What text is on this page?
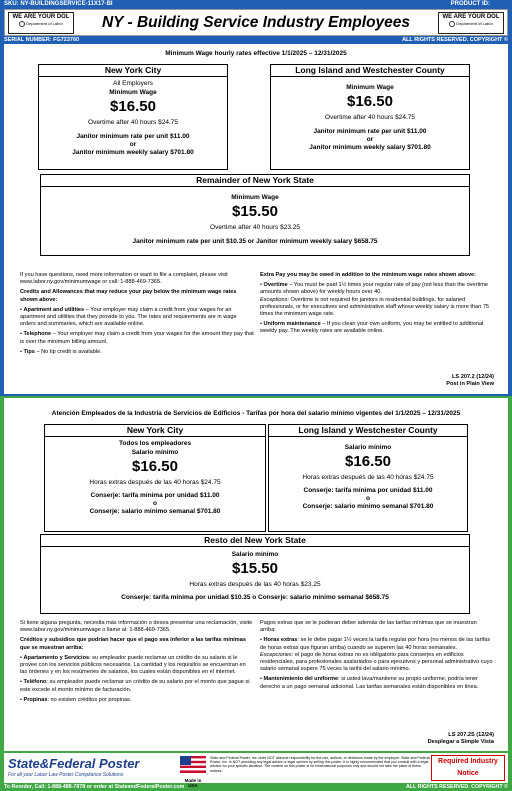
SKU: NY-BUILDINGSERVICE-11X17-BI	PRODUCT ID:
WE ARE YOUR DOL
Department of Labor	NY - Building Service Industry Employees	WE ARE YOUR DOL
Department of Labor
SERIAL NUMBER: FG723760	ALL RIGHTS RESERVED. COPYRIGHT ©
Minimum Wage hourly rates effective 1/1/2025 – 12/31/2025
New York City
All Employers
Minimum Wage
$16.50
Overtime after 40 hours $24.75
Janitor minimum rate per unit $11.00
or
Janitor minimum weekly salary $701.80
Long Island and Westchester County
Minimum Wage
$16.50
Overtime after 40 hours $24.75
Janitor minimum rate per unit $11.00
or
Janitor minimum weekly salary $701.80
Remainder of New York State
Minimum Wage
$15.50
Overtime after 40 hours $23.25
Janitor minimum rate per unit $10.35 or Janitor minimum weekly salary $658.75

If you have questions, need more information or want to file a complaint, please visit www.labor.ny.gov/minimumwage or call: 1-888-469-7365.

Credits and Allowances that may reduce your pay below the minimum wage rates shown above:

• Apartment and utilities – Your employer may claim a credit from your wages for an apartment and utilities that they provide to you. The rates and requirements are in wage orders and summaries, which are available online.

• Telephone – Your employer may claim a credit from your wages for the amount they pay that is over the minimum billing amount.

• Tips – No tip credit is available.

Extra Pay you may be owed in addition to the minimum wage rates shown above:

• Overtime – You must be paid 1½ times your regular rate of pay (not less than the overtime amounts shown above) for weekly hours over 40.
Exceptions: Overtime is not required for janitors in residential buildings, for salaried professionals, or for executives and administrative staff whose weekly salary is more than 75 times the minimum wage rate.

• Uniform maintenance – If you clean your own uniform, you may be entitled to additional weekly pay. The weekly rates are available online.

LS 207.2 (12/24)
Post in Plain View
Atención Empleados de la Industria de Servicios de Edificios - Tarifas por hora del salario mínimo vigentes del 1/1/2025 – 12/31/2025
New York City
Todos los empleadores
Salario mínimo
$16.50
Horas extras después de las 40 horas $24.75
Conserje: tarifa mínima por unidad $11.00
o
Conserje: salario mínimo semanal $701.80
Long Island y Westchester County
Salario mínimo
$16.50
Horas extras después de las 40 horas $24.75
Conserje: tarifa mínima por unidad $11.00
o
Conserje: salario mínimo semanal $701.80
Resto del New York State
Salario mínimo
$15.50
Horas extras después de las 40 horas $23.25
Conserje: tarifa mínima por unidad $10.35 o Conserje: salario mínimo semanal $658.75

Si tiene alguna pregunta, necesita más información o desea presentar una reclamación, visite www.labor.ny.gov/minimumwage o llame al: 1-888-469-7365.

Créditos y subsidios que podrían hacer que el pago sea inferior a las tarifas mínimas que se muestran arriba:

• Apartamento y Servicios: su empleador puede reclamar un crédito de su salario si le provee con los servicios públicos necesarios. La cantidad y los requisitos se encuentran en las órdenes y en los resúmenes de salarios, los cuales están disponibles en el internet.

• Teléfono: su empleador puede reclamar un crédito de su salario por el monto que pague si este excede el monto mínimo de facturación.

• Propinas: no existen créditos por propinas.

Pagos extras que se le pudieran deber además de las tarifas mínimas que se muestran arriba:

• Horas extras: se le debe pagar 1½ veces la tarifa regular por hora (no menos de las tarifas de horas extras que figuran arriba) cuando se superen las 40 horas semanales.
Excepciones: el pago de horas extras no es obligatorio para conserjes en edificios residenciales, para profesionales asalariados o para ejecutivos y personal administrativo cuyo salario semanal supere 75 veces la tarifa del salario mínimo.

• Mantenimiento del uniforme: si usted lava/mantiene su propio uniforme, podría tener derecho a un pago semanal adicional. Las tarifas semanales están disponibles en línea.

LS 207.2S (12/24)
Desplegar a Simple Vista
State&Federal Poster
For all your Labor Law Poster Compliance Solutions
Made in USA
State and Federal Poster, Inc. does NOT assume responsibility for the use, actions, or decisions made by the employer. State and Federal Poster, Inc. is NOT providing any legal advice or legal opinion by selling this poster. It is highly recommended that you consult with a legal advisor for your specific situation. The content on this poster is for informational purposes only and should not take the place of these notices.
Required Industry Notice
To Reorder, Call: 1-888-488-7878 or order at StateandFederalPoster.com	ALL RIGHTS RESERVED. COPYRIGHT ©
